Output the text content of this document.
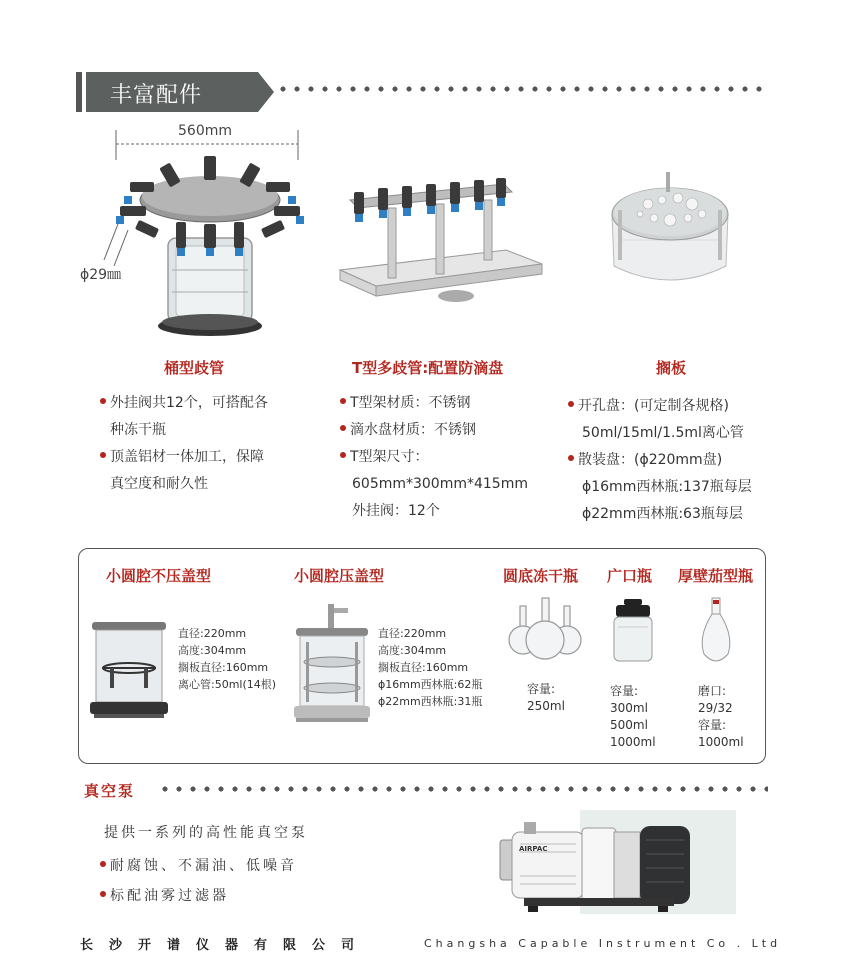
丰富配件
560mm
ϕ29㎜
桶型歧管	T型多歧管:配置防滴盘	搁板
外挂阀共12个，可搭配各
种冻干瓶
顶盖铝材一体加工，保障
真空度和耐久性
T型架材质：不锈钢
滴水盘材质：不锈钢
T型架尺寸：
605mm*300mm*415mm
外挂阀：12个
开孔盘：(可定制各规格)
50ml/15ml/1.5ml离心管
散装盘：(ϕ220mm盘)
ϕ16mm西林瓶:137瓶每层
ϕ22mm西林瓶:63瓶每层
小圆腔不压盖型	小圆腔压盖型	圆底冻干瓶 广口瓶 厚壁茄型瓶
直径:220mm
高度:304mm
搁板直径:160mm
离心管:50ml(14根)
直径:220mm
高度:304mm
搁板直径:160mm
ϕ16mm西林瓶:62瓶
ϕ22mm西林瓶:31瓶
容量:
250ml
容量:
300ml
500ml
1000ml
磨口:
29/32
容量:
1000ml
真空泵
提供一系列的高性能真空泵
耐腐蚀、不漏油、低噪音
标配油雾过滤器
AIRPAC
长沙开谱仪器有限公司	Changsha Capable Instrument Co . Ltd
